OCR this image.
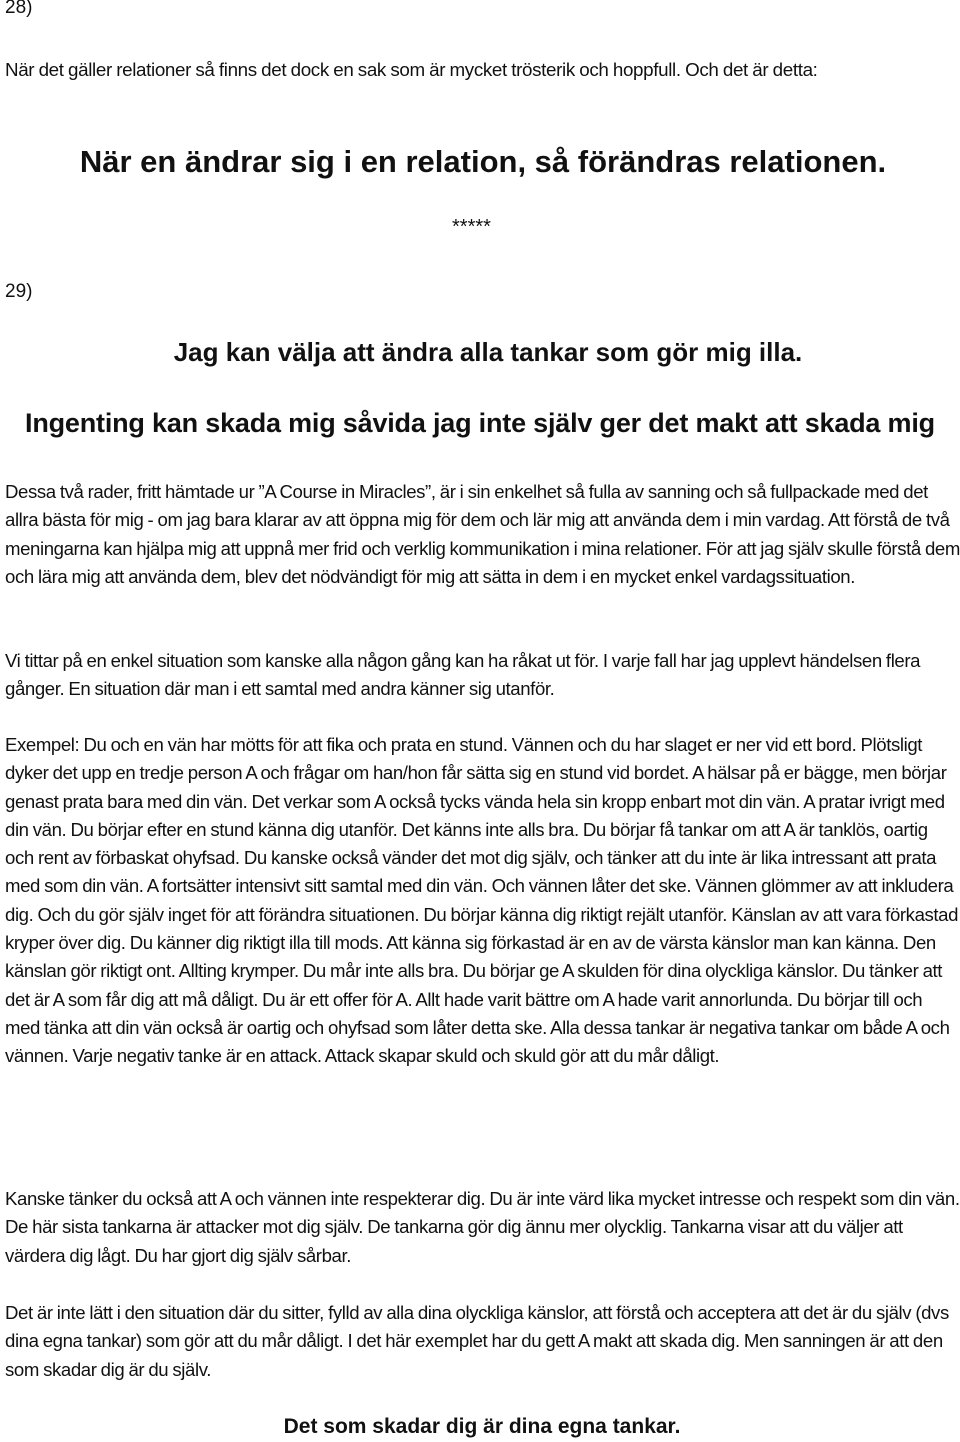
28)

När det gäller relationer så finns det dock en sak som är mycket trösterik och hoppfull. Och det är detta:

När en ändrar sig i en relation, så förändras relationen.

*****

29)

Jag kan välja att ändra alla tankar som gör mig illa.

Ingenting kan skada mig såvida jag inte själv ger det makt att skada mig

Dessa två rader, fritt hämtade ur ”A Course in Miracles”, är i sin enkelhet så fulla av sanning och så fullpackade med det allra bästa för mig - om jag bara klarar av att öppna mig för dem och lär mig att använda dem i min vardag. Att förstå de två meningarna kan hjälpa mig att uppnå mer frid och verklig kommunikation i mina relationer. För att jag själv skulle förstå dem och lära mig att använda dem, blev det nödvändigt för mig att sätta in dem i en mycket enkel vardagssituation.

Vi tittar på en enkel situation som kanske alla någon gång kan ha råkat ut för. I varje fall har jag upplevt händelsen flera gånger. En situation där man i ett samtal med andra känner sig utanför.

Exempel: Du och en vän har mötts för att fika och prata en stund. Vännen och du har slaget er ner vid ett bord. Plötsligt dyker det upp en tredje person A och frågar om han/hon får sätta sig en stund vid bordet. A hälsar på er bägge, men börjar genast prata bara med din vän. Det verkar som A också tycks vända hela sin kropp enbart mot din vän. A pratar ivrigt med din vän. Du börjar efter en stund känna dig utanför. Det känns inte alls bra. Du börjar få tankar om att A är tanklös, oartig och rent av förbaskat ohyfsad. Du kanske också vänder det mot dig själv, och tänker att du inte är lika intressant att prata med som din vän. A fortsätter intensivt sitt samtal med din vän. Och vännen låter det ske. Vännen glömmer av att inkludera dig. Och du gör själv inget för att förändra situationen. Du börjar känna dig riktigt rejält utanför. Känslan av att vara förkastad kryper över dig. Du känner dig riktigt illa till mods. Att känna sig förkastad är en av de värsta känslor man kan känna. Den känslan gör riktigt ont. Allting krymper. Du mår inte alls bra. Du börjar ge A skulden för dina olyckliga känslor. Du tänker att det är A som får dig att må dåligt. Du är ett offer för A. Allt hade varit bättre om A hade varit annorlunda. Du börjar till och med tänka att din vän också är oartig och ohyfsad som låter detta ske. Alla dessa tankar är negativa tankar om både A och vännen. Varje negativ tanke är en attack. Attack skapar skuld och skuld gör att du mår dåligt.

Kanske tänker du också att A och vännen inte respekterar dig. Du är inte värd lika mycket intresse och respekt som din vän. De här sista tankarna är attacker mot dig själv. De tankarna gör dig ännu mer olycklig. Tankarna visar att du väljer att värdera dig lågt. Du har gjort dig själv sårbar.

Det är inte lätt i den situation där du sitter, fylld av alla dina olyckliga känslor, att förstå och acceptera att det är du själv (dvs dina egna tankar) som gör att du mår dåligt. I det här exemplet har du gett A makt att skada dig. Men sanningen är att den som skadar dig är du själv.

Det som skadar dig är dina egna tankar.
